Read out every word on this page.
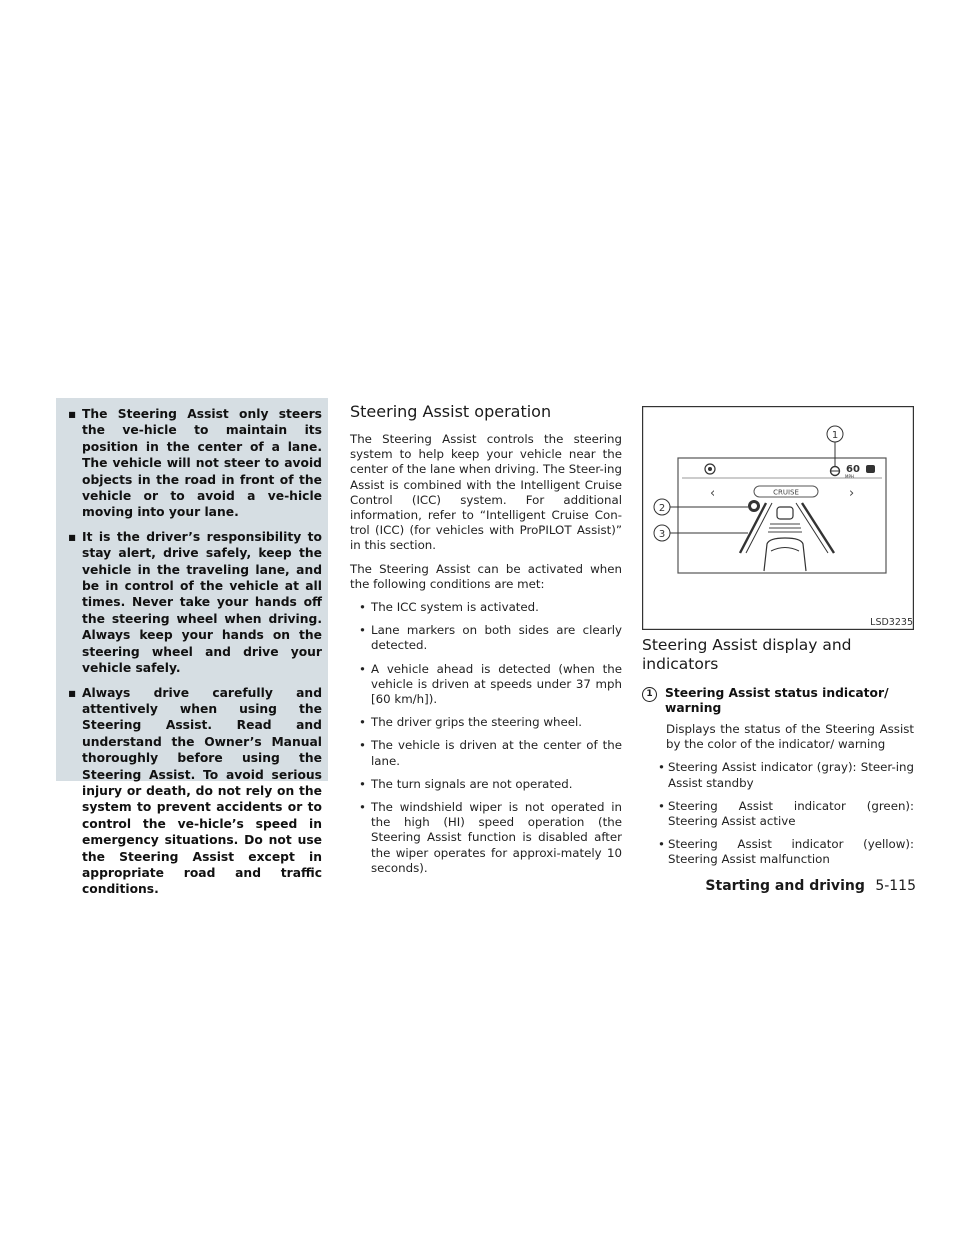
▪ The Steering Assist only steers the ve-hicle to maintain its position in the center of a lane. The vehicle will not steer to avoid objects in the road in front of the vehicle or to avoid a ve-hicle moving into your lane.
▪ It is the driver’s responsibility to stay alert, drive safely, keep the vehicle in the traveling lane, and be in control of the vehicle at all times. Never take your hands off the steering wheel when driving. Always keep your hands on the steering wheel and drive your vehicle safely.
▪ Always drive carefully and attentively when using the Steering Assist. Read and understand the Owner’s Manual thoroughly before using the Steering Assist. To avoid serious injury or death, do not rely on the system to prevent accidents or to control the ve-hicle’s speed in emergency situations. Do not use the Steering Assist except in appropriate road and traffic conditions.
Steering Assist operation

The Steering Assist controls the steering system to help keep your vehicle near the center of the lane when driving. The Steer-ing Assist is combined with the Intelligent Cruise Control (ICC) system. For additional information, refer to “Intelligent Cruise Con-trol (ICC) (for vehicles with ProPILOT Assist)” in this section.

The Steering Assist can be activated when the following conditions are met:

• The ICC system is activated.
• Lane markers on both sides are clearly detected.
• A vehicle ahead is detected (when the vehicle is driven at speeds under 37 mph [60 km/h]).
• The driver grips the steering wheel.
• The vehicle is driven at the center of the lane.
• The turn signals are not operated.
• The windshield wiper is not operated in the high (HI) speed operation (the Steering Assist function is disabled after the wiper operates for approxi-mately 10 seconds).
60
MPH
‹	CRUISE	›
1
2
3
LSD3235
Steering Assist display and indicators
1	Steering Assist status indicator/ warning

Displays the status of the Steering Assist by the color of the indicator/ warning

• Steering Assist indicator (gray): Steer-ing Assist standby
• Steering Assist indicator (green): Steering Assist active
• Steering Assist indicator (yellow): Steering Assist malfunction
Starting and driving 5-115
